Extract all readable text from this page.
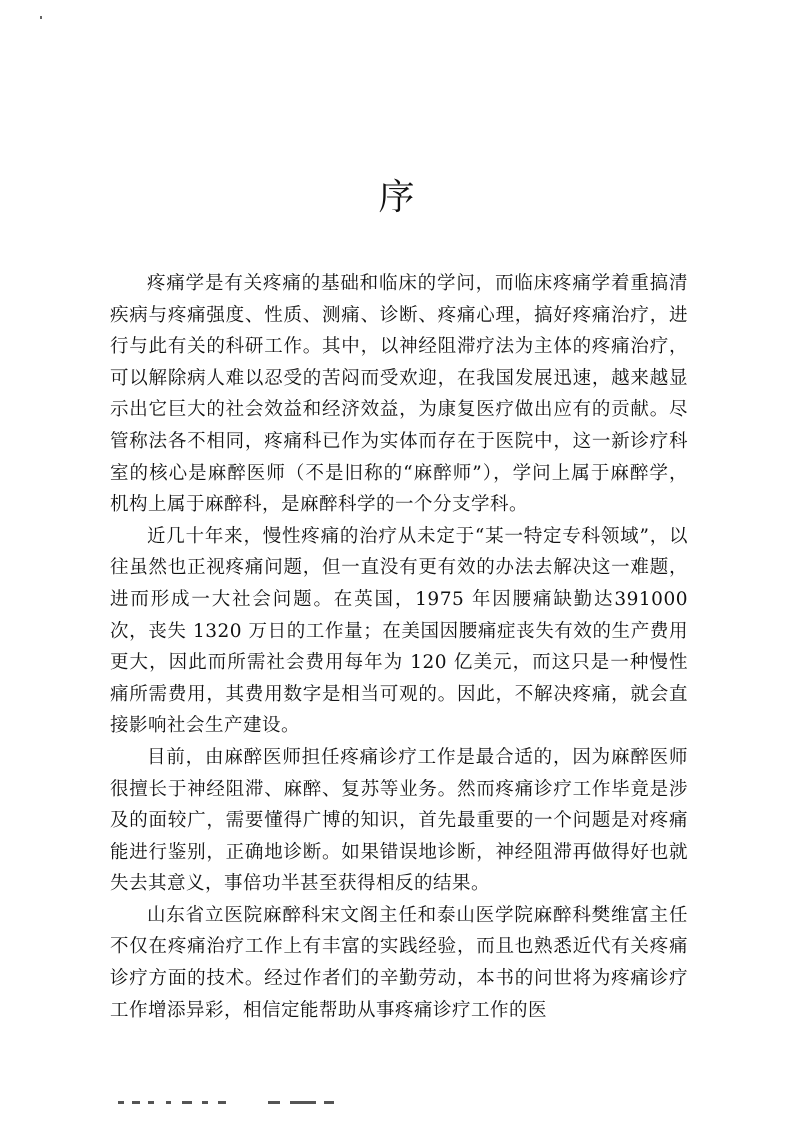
序

疼痛学是有关疼痛的基础和临床的学问，而临床疼痛学着重搞清疾病与疼痛强度、性质、测痛、诊断、疼痛心理，搞好疼痛治疗，进行与此有关的科研工作。其中，以神经阻滞疗法为主体的疼痛治疗，可以解除病人难以忍受的苦闷而受欢迎，在我国发展迅速，越来越显示出它巨大的社会效益和经济效益，为康复医疗做出应有的贡献。尽管称法各不相同，疼痛科已作为实体而存在于医院中，这一新诊疗科室的核心是麻醉医师（不是旧称的“麻醉师”），学问上属于麻醉学，机构上属于麻醉科，是麻醉科学的一个分支学科。

近几十年来，慢性疼痛的治疗从未定于“某一特定专科领域”，以往虽然也正视疼痛问题，但一直没有更有效的办法去解决这一难题，进而形成一大社会问题。在英国，1975 年因腰痛缺勤达391000 次，丧失 1320 万日的工作量；在美国因腰痛症丧失有效的生产费用更大，因此而所需社会费用每年为 120 亿美元，而这只是一种慢性痛所需费用，其费用数字是相当可观的。因此，不解决疼痛，就会直接影响社会生产建设。

目前，由麻醉医师担任疼痛诊疗工作是最合适的，因为麻醉医师很擅长于神经阻滞、麻醉、复苏等业务。然而疼痛诊疗工作毕竟是涉及的面较广，需要懂得广博的知识，首先最重要的一个问题是对疼痛能进行鉴别，正确地诊断。如果错误地诊断，神经阻滞再做得好也就失去其意义，事倍功半甚至获得相反的结果。

山东省立医院麻醉科宋文阁主任和泰山医学院麻醉科樊维富主任不仅在疼痛治疗工作上有丰富的实践经验，而且也熟悉近代有关疼痛诊疗方面的技术。经过作者们的辛勤劳动，本书的问世将为疼痛诊疗工作增添异彩，相信定能帮助从事疼痛诊疗工作的医
